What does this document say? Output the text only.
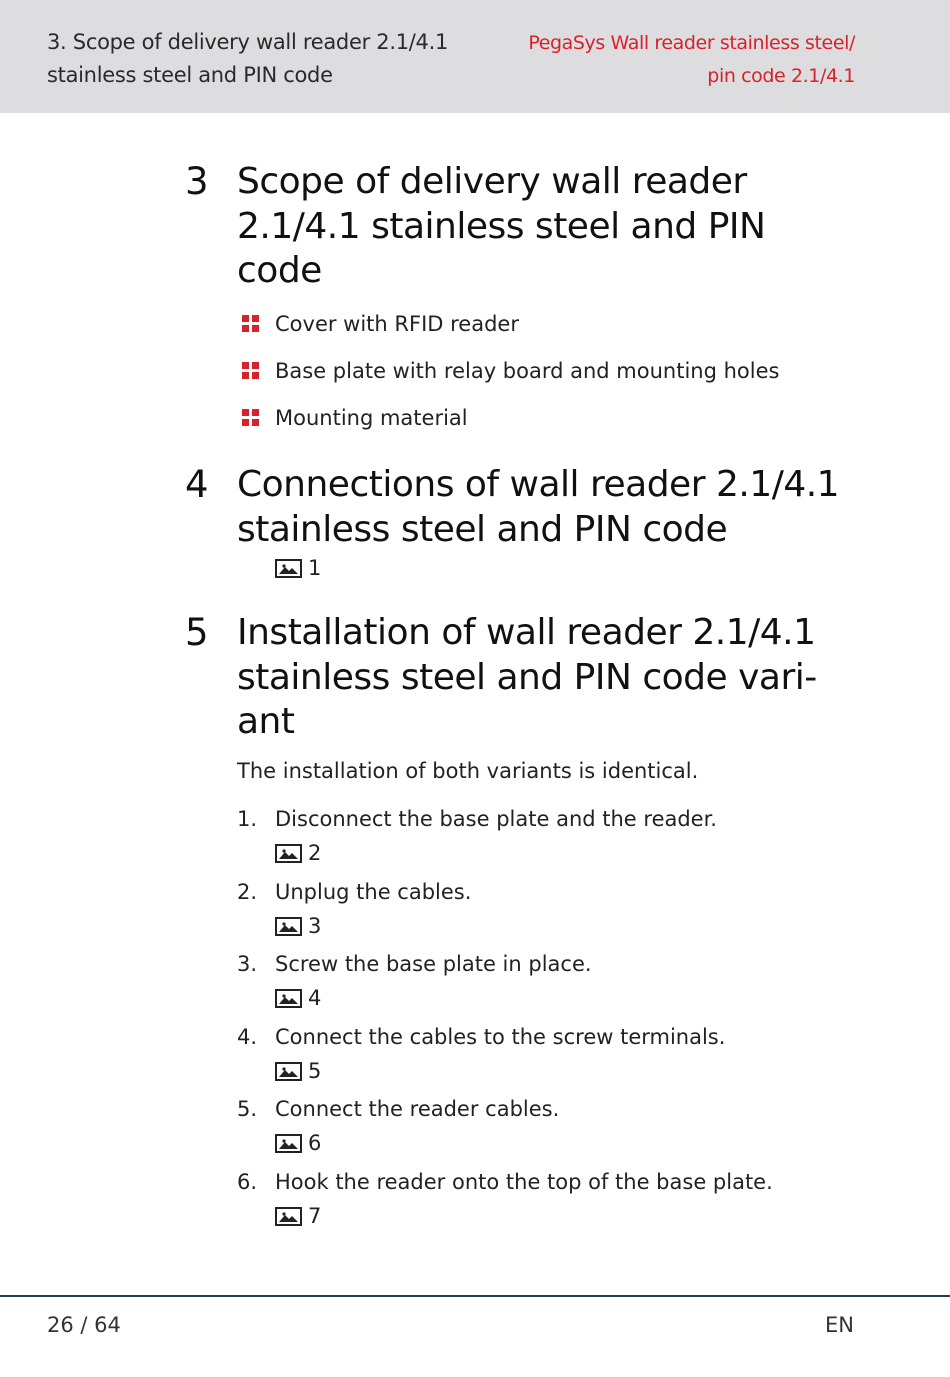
3. Scope of delivery wall reader 2.1/4.1
stainless steel and PIN code
PegaSys Wall reader stainless steel/
pin code 2.1/4.1
3 Scope of delivery wall reader
2.1/4.1 stainless steel and PIN
code
Cover with RFID reader
Base plate with relay board and mounting holes
Mounting material
4 Connections of wall reader 2.1/4.1
stainless steel and PIN code
1
5 Installation of wall reader 2.1/4.1
stainless steel and PIN code vari-
ant
The installation of both variants is identical.
1. Disconnect the base plate and the reader.
2
2. Unplug the cables.
3
3. Screw the base plate in place.
4
4. Connect the cables to the screw terminals.
5
5. Connect the reader cables.
6
6. Hook the reader onto the top of the base plate.
7
26 / 64	EN
